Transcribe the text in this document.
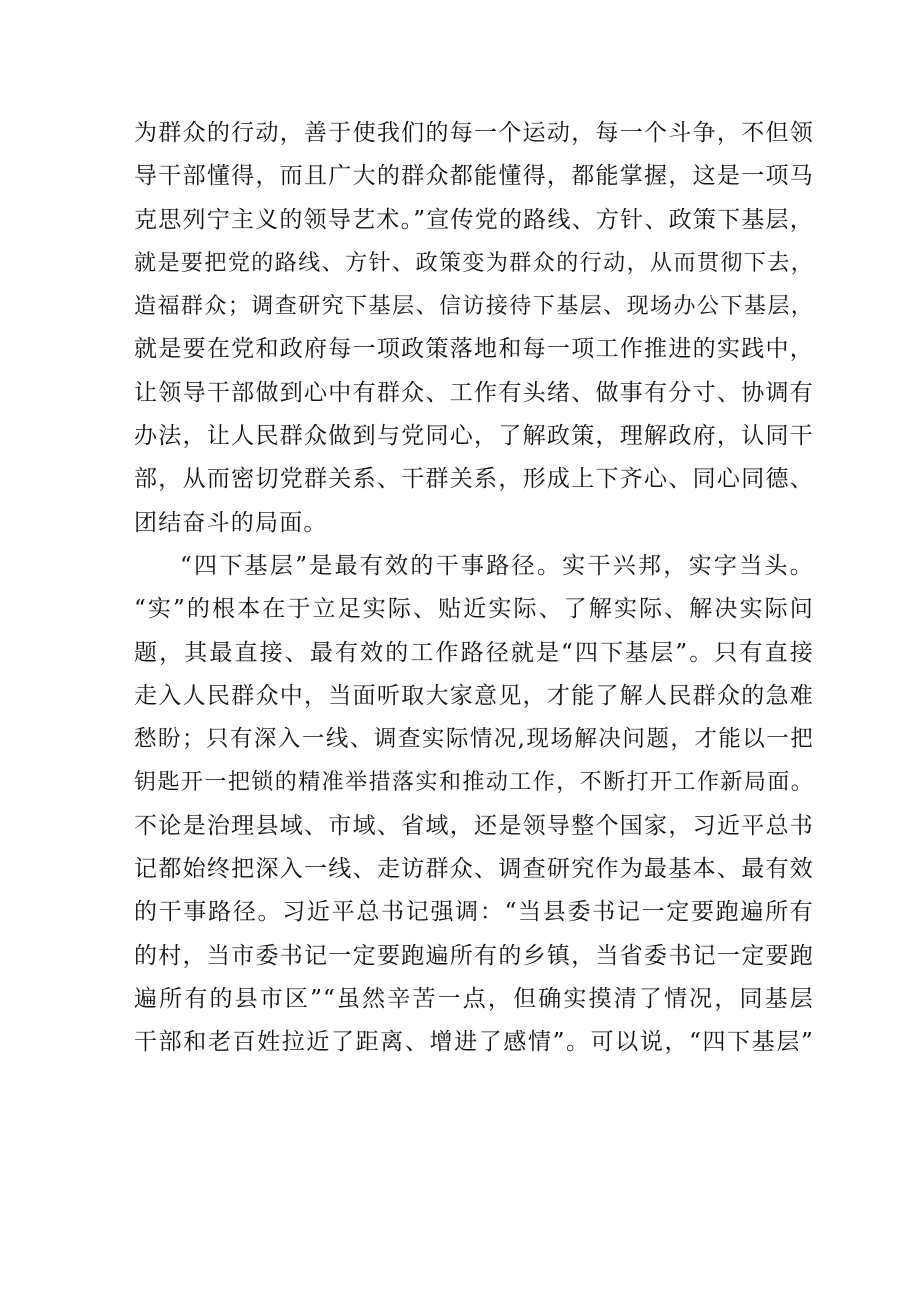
为群众的行动，善于使我们的每一个运动，每一个斗争，不但领
导干部懂得，而且广大的群众都能懂得，都能掌握，这是一项马
克思列宁主义的领导艺术。”宣传党的路线、方针、政策下基层，
就是要把党的路线、方针、政策变为群众的行动，从而贯彻下去，
造福群众；调查研究下基层、信访接待下基层、现场办公下基层，
就是要在党和政府每一项政策落地和每一项工作推进的实践中，
让领导干部做到心中有群众、工作有头绪、做事有分寸、协调有
办法，让人民群众做到与党同心，了解政策，理解政府，认同干
部，从而密切党群关系、干群关系，形成上下齐心、同心同德、
团结奋斗的局面。
“四下基层”是最有效的干事路径。实干兴邦，实字当头。
“实”的根本在于立足实际、贴近实际、了解实际、解决实际问
题，其最直接、最有效的工作路径就是“四下基层”。只有直接
走入人民群众中，当面听取大家意见，才能了解人民群众的急难
愁盼；只有深入一线、调查实际情况,现场解决问题，才能以一把
钥匙开一把锁的精准举措落实和推动工作，不断打开工作新局面。
不论是治理县域、市域、省域，还是领导整个国家，习近平总书
记都始终把深入一线、走访群众、调查研究作为最基本、最有效
的干事路径。习近平总书记强调：“当县委书记一定要跑遍所有
的村，当市委书记一定要跑遍所有的乡镇，当省委书记一定要跑
遍所有的县市区”“虽然辛苦一点，但确实摸清了情况，同基层
干部和老百姓拉近了距离、增进了感情”。可以说，“四下基层”
